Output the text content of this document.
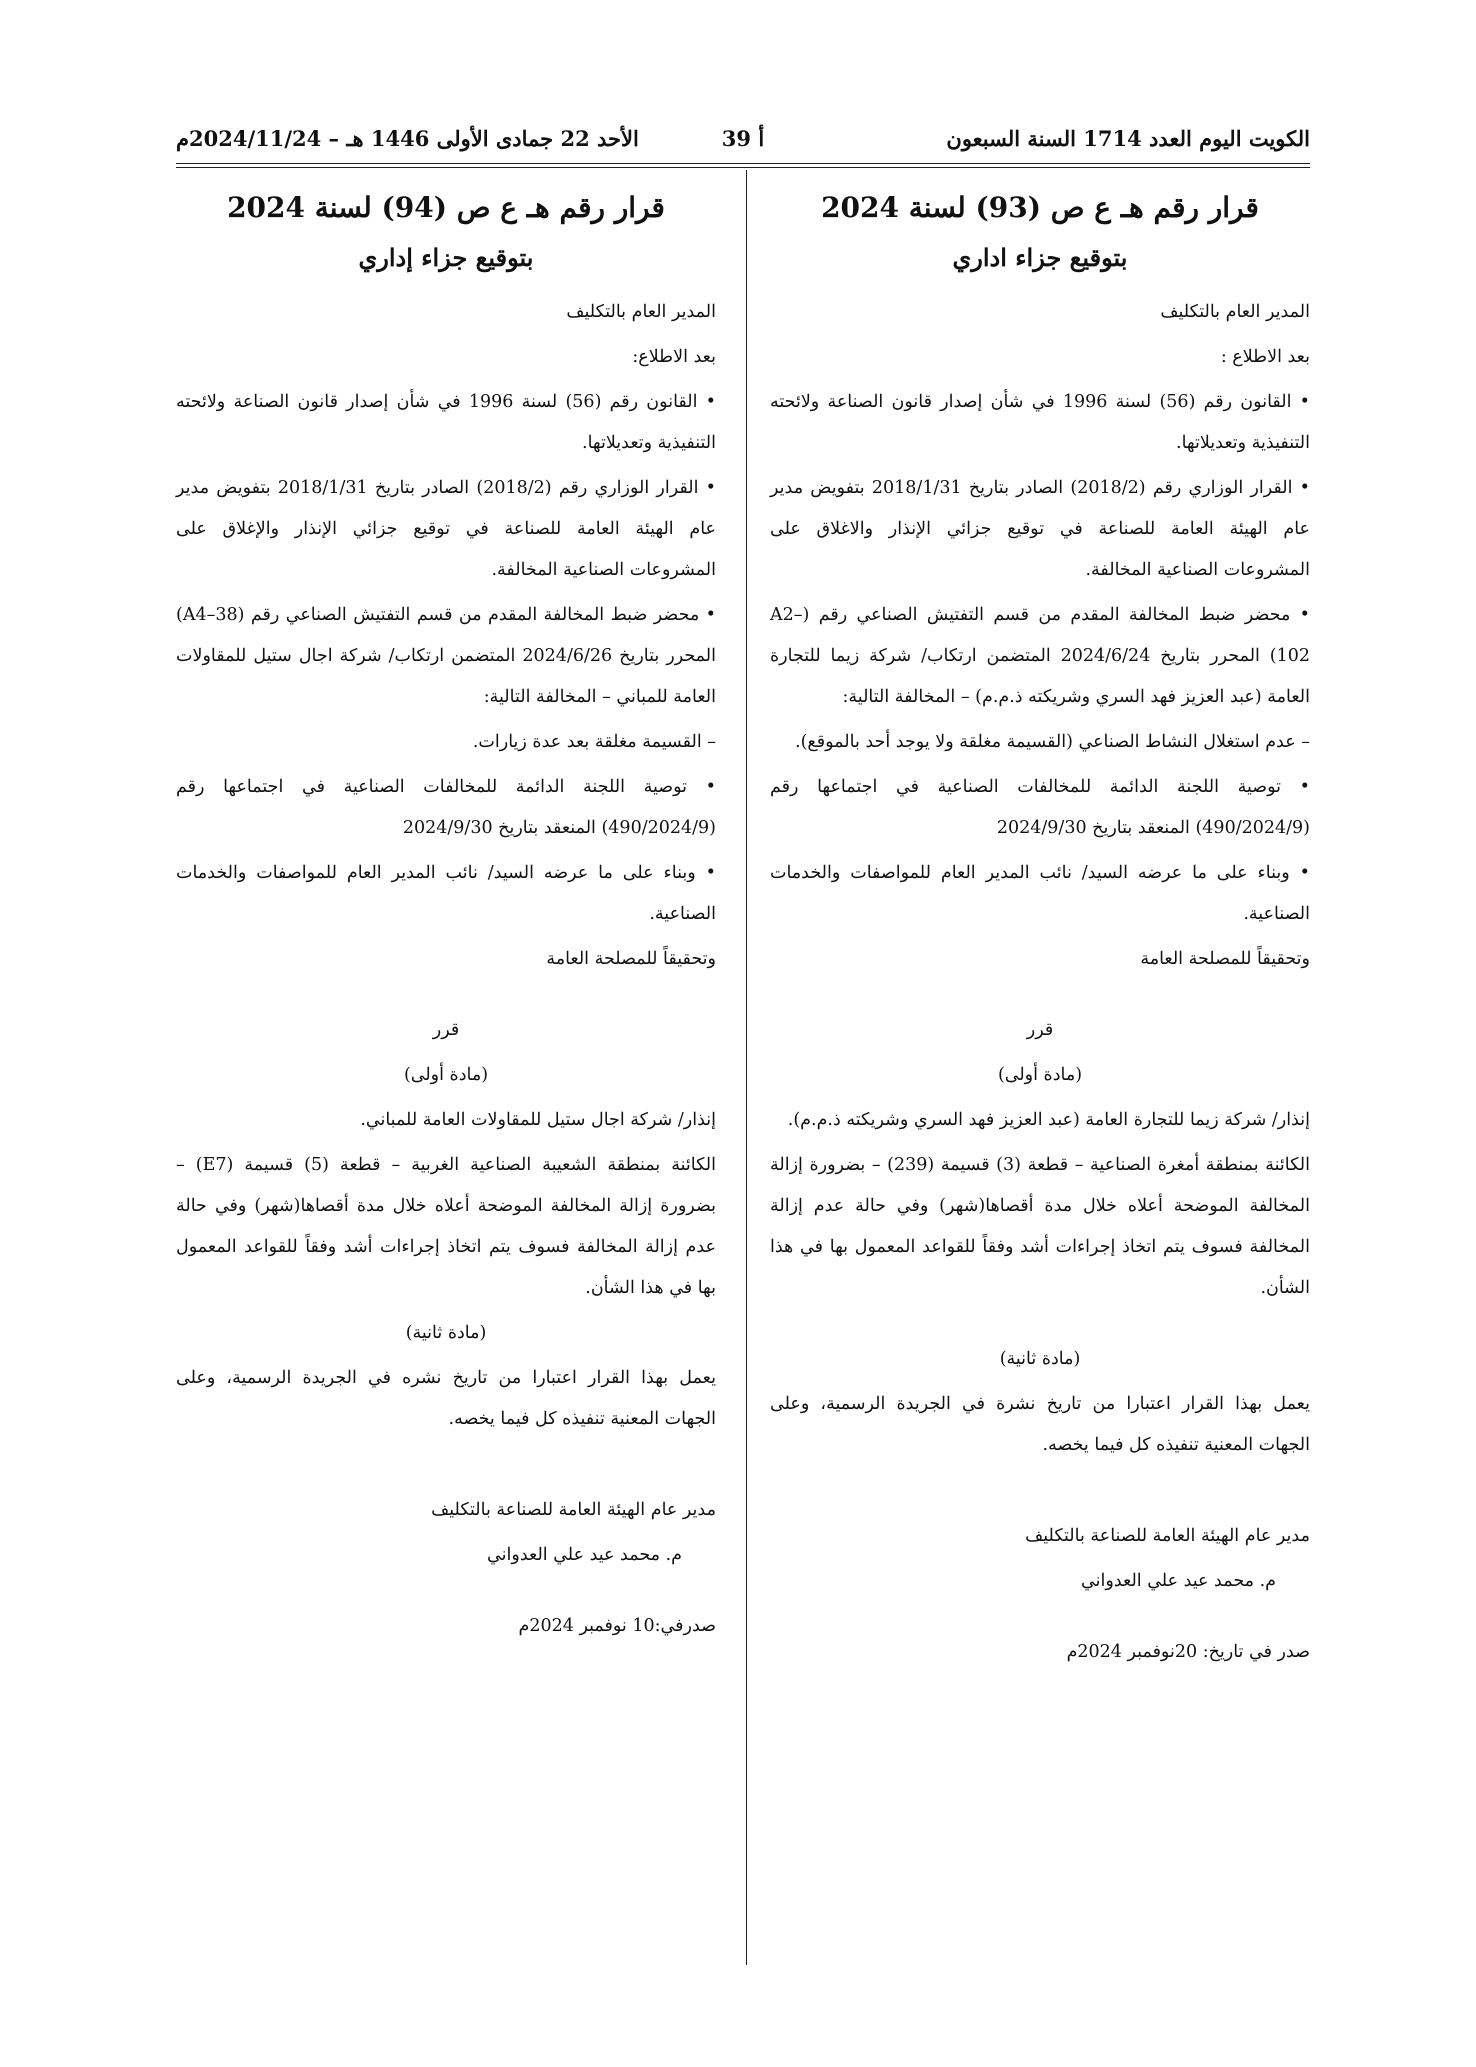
الكويت اليوم العدد 1714 السنة السبعون
أ 39
الأحد 22 جمادى الأولى 1446 هـ – 2024/11/24م
قرار رقم هـ ع ص (93) لسنة 2024
بتوقيع جزاء اداري

المدير العام بالتكليف

بعد الاطلاع :

• القانون رقم (56) لسنة 1996 في شأن إصدار قانون الصناعة ولائحته التنفيذية وتعديلاتها.

• القرار الوزاري رقم (2018/2) الصادر بتاريخ 2018/1/31 بتفويض مدير عام الهيئة العامة للصناعة في توقيع جزائي الإنذار والاغلاق على المشروعات الصناعية المخالفة.

• محضر ضبط المخالفة المقدم من قسم التفتيش الصناعي رقم (A2–102) المحرر بتاريخ 2024/6/24 المتضمن ارتكاب/ شركة زيما للتجارة العامة (عبد العزيز فهد السري وشريكته ذ.م.م) – المخالفة التالية:

– عدم استغلال النشاط الصناعي (القسيمة مغلقة ولا يوجد أحد بالموقع).

• توصية اللجنة الدائمة للمخالفات الصناعية في اجتماعها رقم (490/2024/9) المنعقد بتاريخ 2024/9/30

• وبناء على ما عرضه السيد/ نائب المدير العام للمواصفات والخدمات الصناعية.

وتحقيقاً للمصلحة العامة

قرر

(مادة أولى)

إنذار/ شركة زيما للتجارة العامة (عبد العزيز فهد السري وشريكته ذ.م.م).

الكائنة بمنطقة أمغرة الصناعية – قطعة (3) قسيمة (239) – بضرورة إزالة المخالفة الموضحة أعلاه خلال مدة أقصاها(شهر) وفي حالة عدم إزالة المخالفة فسوف يتم اتخاذ إجراءات أشد وفقاً للقواعد المعمول بها في هذا الشأن.

(مادة ثانية)

يعمل بهذا القرار اعتبارا من تاريخ نشرة في الجريدة الرسمية، وعلى الجهات المعنية تنفيذه كل فيما يخصه.

مدير عام الهيئة العامة للصناعة بالتكليف

م. محمد عيد علي العدواني

صدر في تاريخ: 20نوفمبر 2024م

قرار رقم هـ ع ص (94) لسنة 2024
بتوقيع جزاء إداري

المدير العام بالتكليف

بعد الاطلاع:

• القانون رقم (56) لسنة 1996 في شأن إصدار قانون الصناعة ولائحته التنفيذية وتعديلاتها.

• القرار الوزاري رقم (2018/2) الصادر بتاريخ 2018/1/31 بتفويض مدير عام الهيئة العامة للصناعة في توقيع جزائي الإنذار والإغلاق على المشروعات الصناعية المخالفة.

• محضر ضبط المخالفة المقدم من قسم التفتيش الصناعي رقم (A4–38) المحرر بتاريخ 2024/6/26 المتضمن ارتكاب/ شركة اجال ستيل للمقاولات العامة للمباني – المخالفة التالية:

– القسيمة مغلقة بعد عدة زيارات.

• توصية اللجنة الدائمة للمخالفات الصناعية في اجتماعها رقم (490/2024/9) المنعقد بتاريخ 2024/9/30

• وبناء على ما عرضه السيد/ نائب المدير العام للمواصفات والخدمات الصناعية.

وتحقيقاً للمصلحة العامة

قرر

(مادة أولى)

إنذار/ شركة اجال ستيل للمقاولات العامة للمباني.

الكائنة بمنطقة الشعيبة الصناعية الغربية – قطعة (5) قسيمة (E7) – بضرورة إزالة المخالفة الموضحة أعلاه خلال مدة أقصاها(شهر) وفي حالة عدم إزالة المخالفة فسوف يتم اتخاذ إجراءات أشد وفقاً للقواعد المعمول بها في هذا الشأن.

(مادة ثانية)

يعمل بهذا القرار اعتبارا من تاريخ نشره في الجريدة الرسمية، وعلى الجهات المعنية تنفيذه كل فيما يخصه.

مدير عام الهيئة العامة للصناعة بالتكليف

م. محمد عيد علي العدواني

صدرفي:10 نوفمبر 2024م
